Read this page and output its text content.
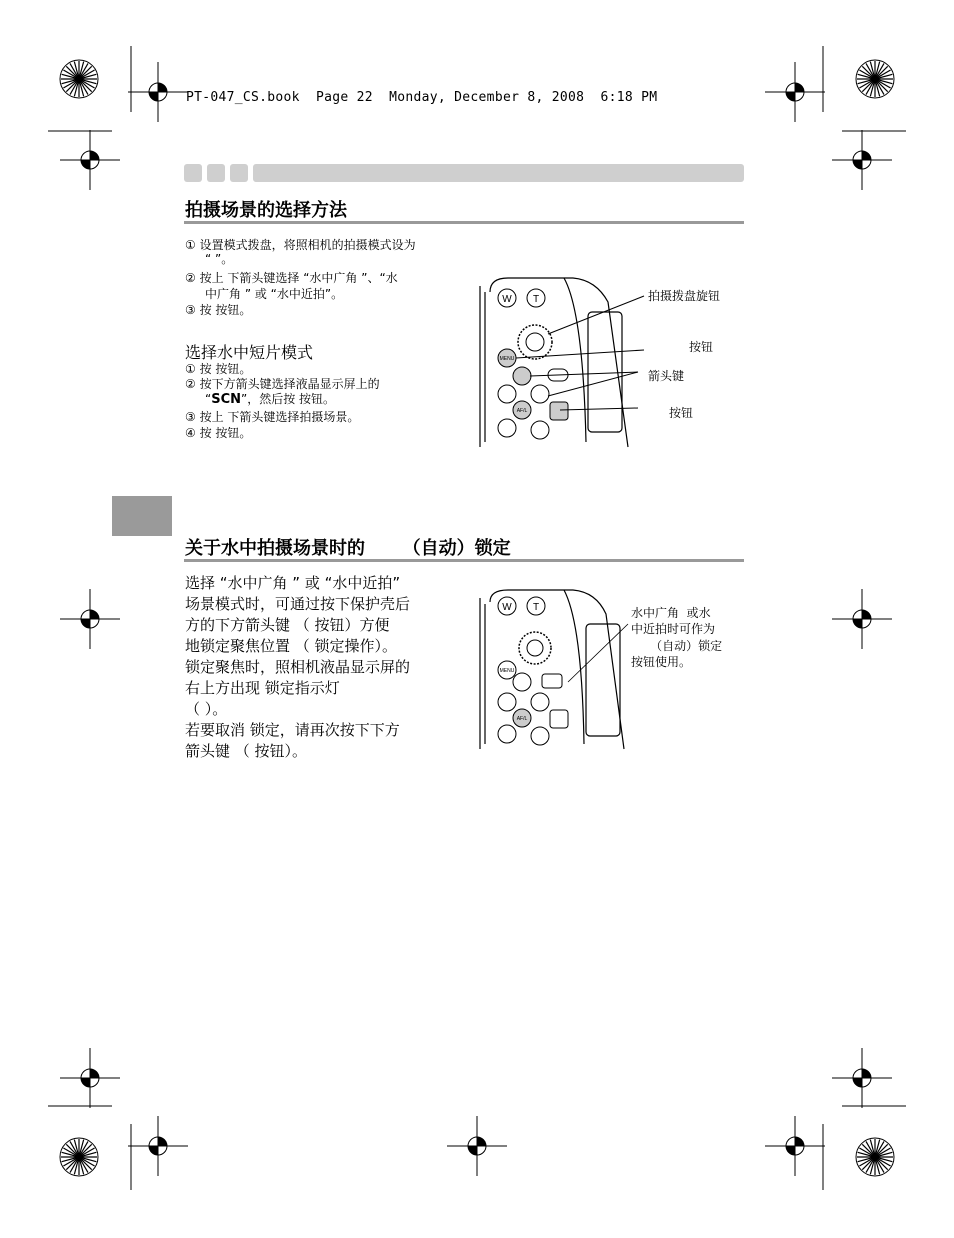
PT-047_CS.book  Page 22  Monday, December 8, 2008  6:18 PM
拍摄场景的选择方法
① 设置模式拨盘，将照相机的拍摄模式设为
“ ”。
② 按上 下箭头键选择 “水中广角 ”、“水
中广角 ” 或 “水中近拍”。
③ 按 按钮。
选择水中短片模式
① 按 按钮。
② 按下方箭头键选择液晶显示屏上的
“SCN”，然后按 按钮。
③ 按上 下箭头键选择拍摄场景。
④ 按 按钮。
W T
MENU
AF/L
拍摄拨盘旋钮
按钮
箭头键
按钮
关于水中拍摄场景时的      （自动）锁定
选择 “水中广角 ” 或 “水中近拍”
场景模式时，可通过按下保护壳后
方的下方箭头键 （ 按钮）方便
地锁定聚焦位置 （ 锁定操作）。
锁定聚焦时，照相机液晶显示屏的
右上方出现 锁定指示灯
（ ）。
若要取消 锁定，请再次按下下方
箭头键 （ 按钮）。
W T
MENU
AF/L
水中广角  或水
中近拍时可作为
（自动）锁定
按钮使用。
